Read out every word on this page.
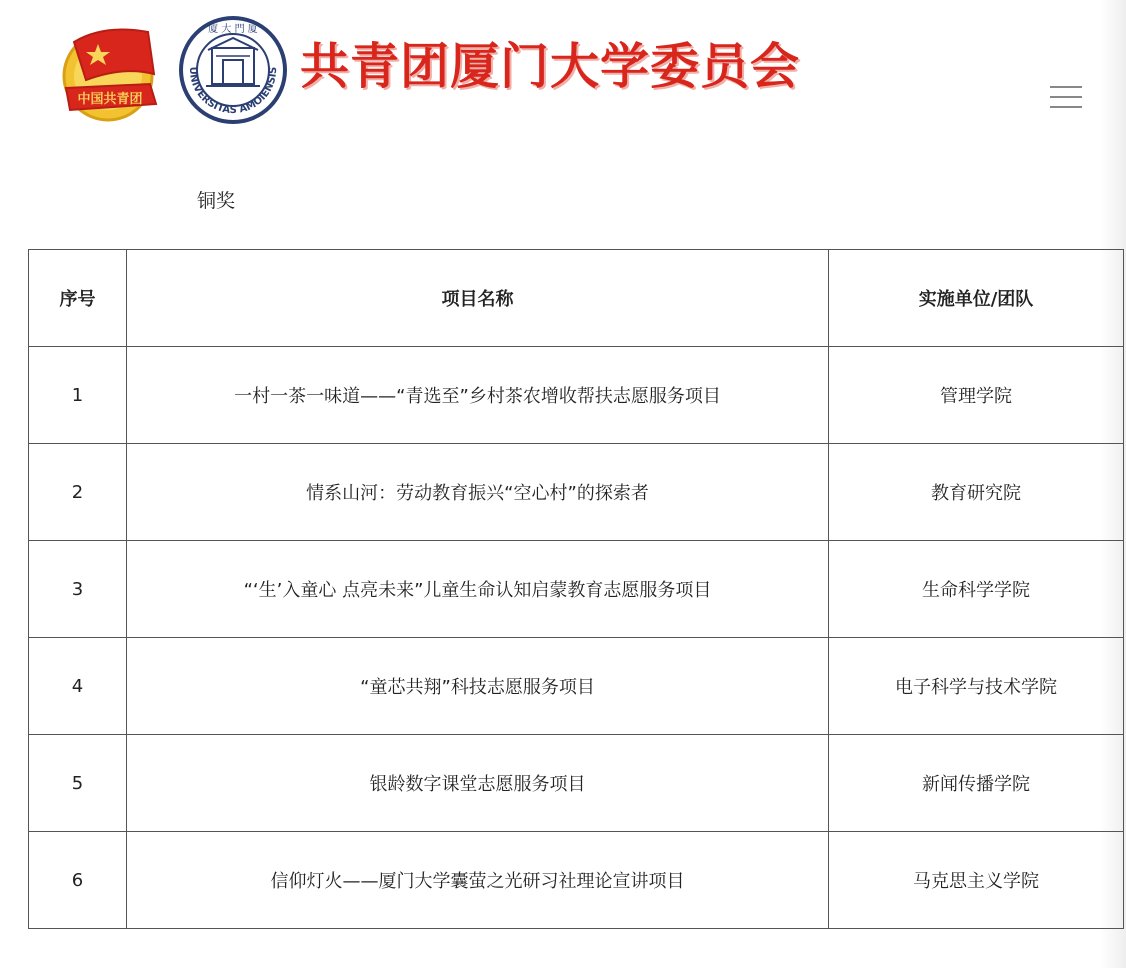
中国共青团
UNIVERSITAS AMOIENSIS
廈 大 門 廈
共青团厦门大学委员会
铜奖
序号	项目名称	实施单位/团队
1	一村一茶一味道——“青选至”乡村茶农增收帮扶志愿服务项目	管理学院
2	情系山河：劳动教育振兴“空心村”的探索者	教育研究院
3	“‘生’入童心 点亮未来”儿童生命认知启蒙教育志愿服务项目	生命科学学院
4	“童芯共翔”科技志愿服务项目	电子科学与技术学院
5	银龄数字课堂志愿服务项目	新闻传播学院
6	信仰灯火——厦门大学囊萤之光研习社理论宣讲项目	马克思主义学院
